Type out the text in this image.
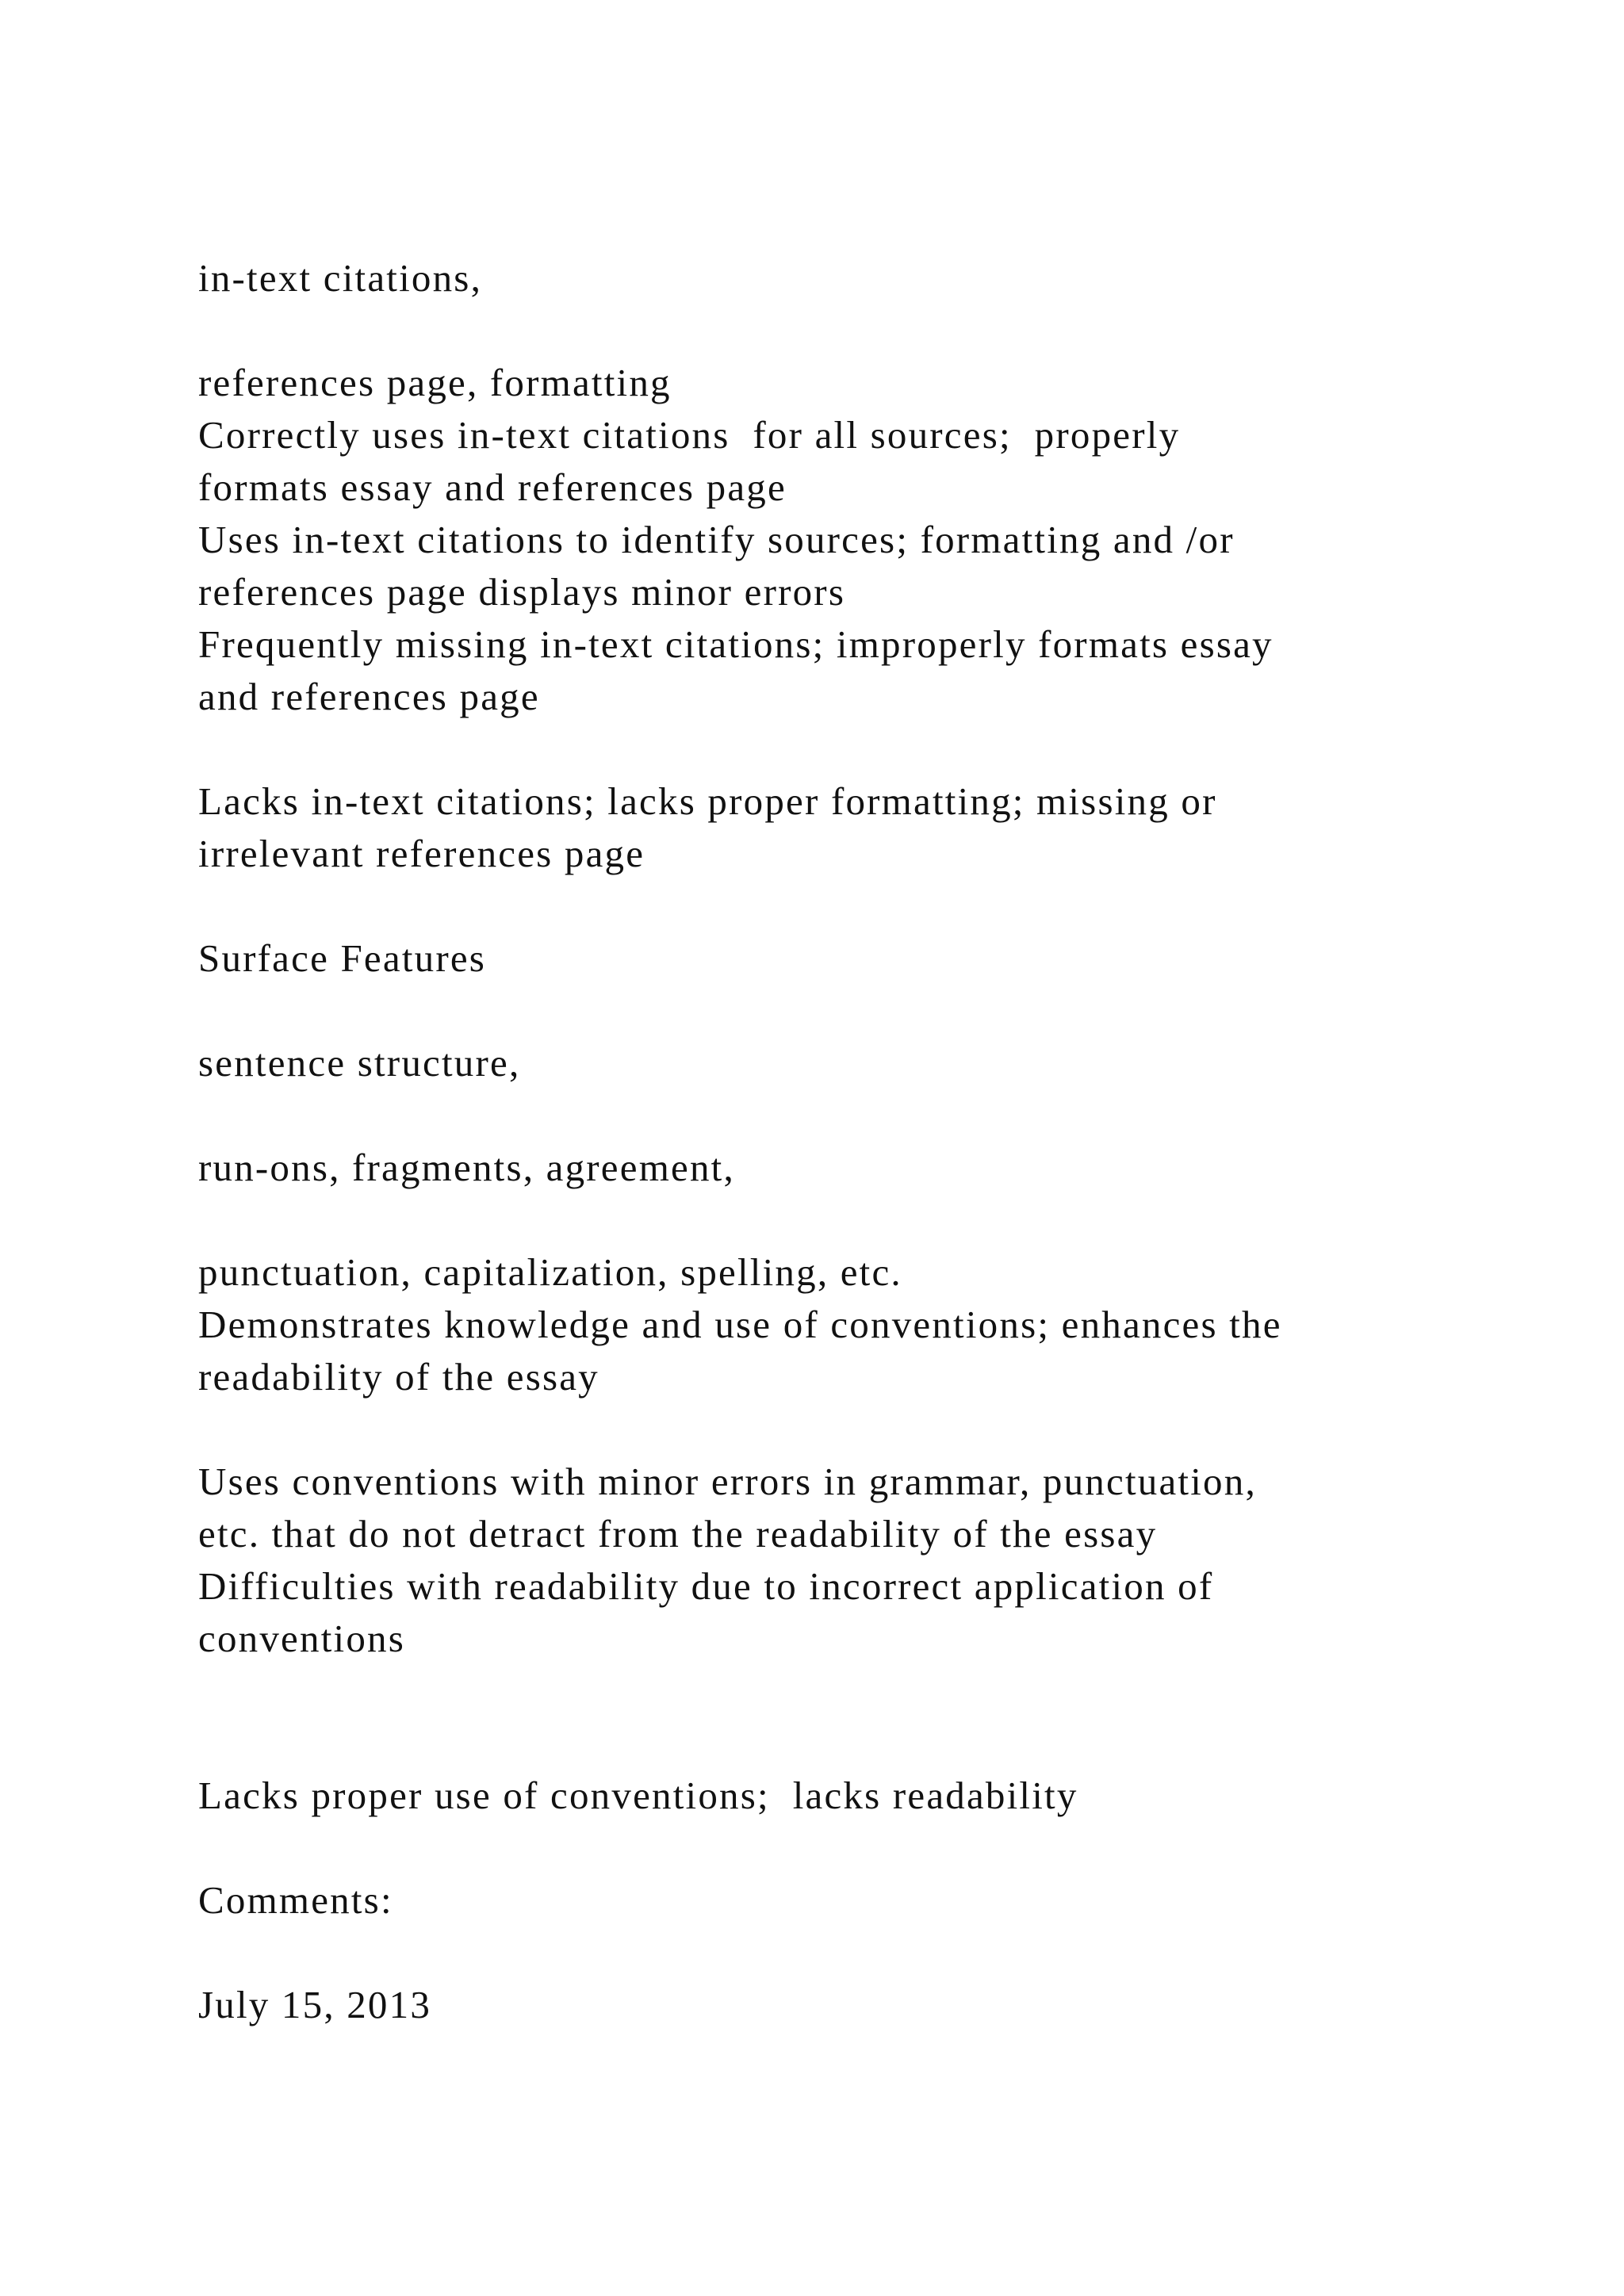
in-text citations,
references page, formatting
Correctly uses in-text citations  for all sources;  properly
formats essay and references page
Uses in-text citations to identify sources; formatting and /or
references page displays minor errors
Frequently missing in-text citations; improperly formats essay
and references page
Lacks in-text citations; lacks proper formatting; missing or
irrelevant references page
Surface Features
sentence structure,
run-ons, fragments, agreement,
punctuation, capitalization, spelling, etc.
Demonstrates knowledge and use of conventions; enhances the
readability of the essay
Uses conventions with minor errors in grammar, punctuation,
etc. that do not detract from the readability of the essay
Difficulties with readability due to incorrect application of
conventions
Lacks proper use of conventions;  lacks readability
Comments:
July 15, 2013
